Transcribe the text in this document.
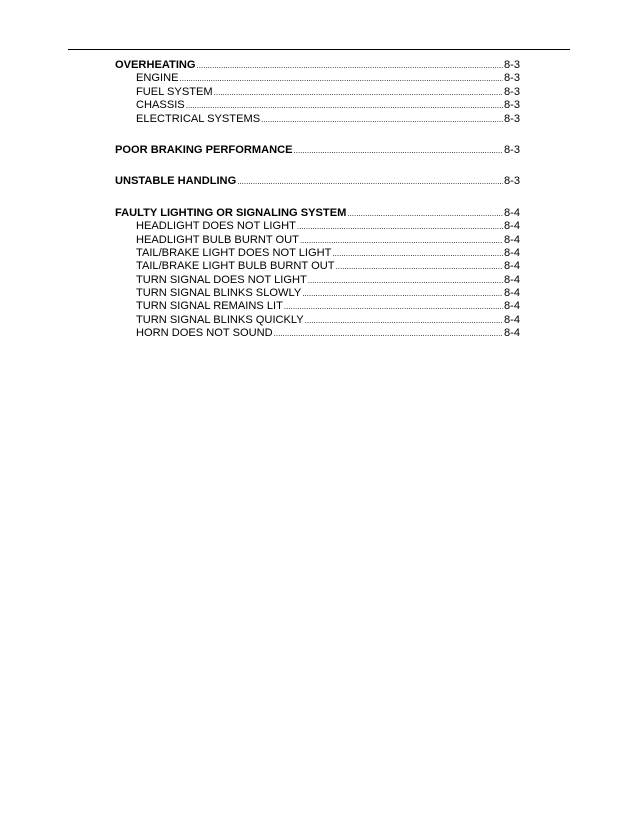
OVERHEATING .....	8-3
ENGINE .....	8-3
FUEL SYSTEM .....	8-3
CHASSIS .....	8-3
ELECTRICAL SYSTEMS .....	8-3
POOR BRAKING PERFORMANCE .....	8-3
UNSTABLE HANDLING .....	8-3
FAULTY LIGHTING OR SIGNALING SYSTEM .....	8-4
HEADLIGHT DOES NOT LIGHT .....	8-4
HEADLIGHT BULB BURNT OUT .....	8-4
TAIL/BRAKE LIGHT DOES NOT LIGHT .....	8-4
TAIL/BRAKE LIGHT BULB BURNT OUT .....	8-4
TURN SIGNAL DOES NOT LIGHT .....	8-4
TURN SIGNAL BLINKS SLOWLY .....	8-4
TURN SIGNAL REMAINS LIT .....	8-4
TURN SIGNAL BLINKS QUICKLY .....	8-4
HORN DOES NOT SOUND .....	8-4
